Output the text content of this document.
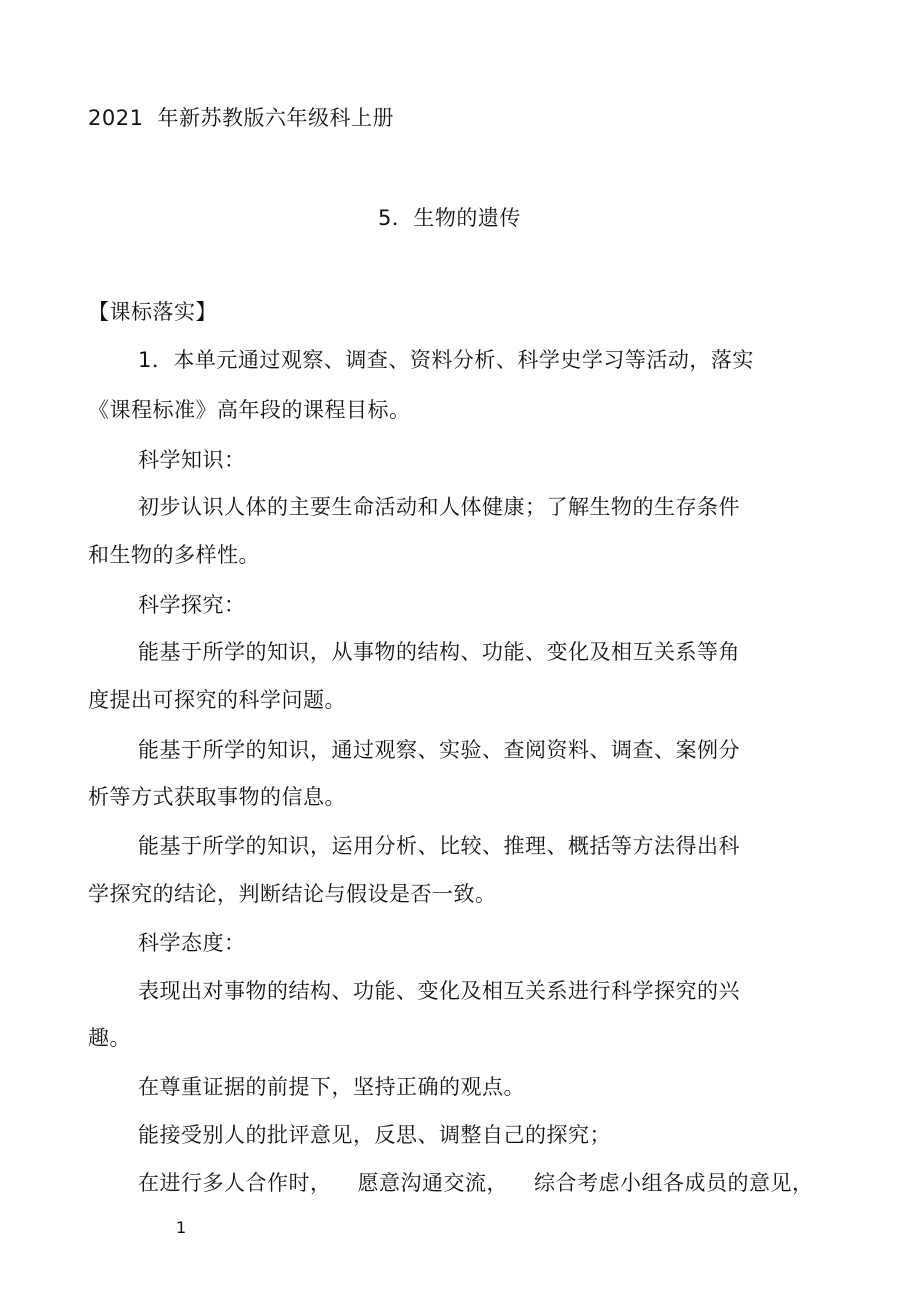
2021 年新苏教版六年级科上册
5．生物的遗传
【课标落实】
1．本单元通过观察、调查、资料分析、科学史学习等活动，落实
《课程标准》高年段的课程目标。
科学知识：
初步认识人体的主要生命活动和人体健康；了解生物的生存条件
和生物的多样性。
科学探究：
能基于所学的知识，从事物的结构、功能、变化及相互关系等角
度提出可探究的科学问题。
能基于所学的知识，通过观察、实验、查阅资料、调查、案例分
析等方式获取事物的信息。
能基于所学的知识，运用分析、比较、推理、概括等方法得出科
学探究的结论，判断结论与假设是否一致。
科学态度：
表现出对事物的结构、功能、变化及相互关系进行科学探究的兴
趣。
在尊重证据的前提下，坚持正确的观点。
能接受别人的批评意见，反思、调整自己的探究；
在进行多人合作时， 愿意沟通交流， 综合考虑小组各成员的意见，
1
